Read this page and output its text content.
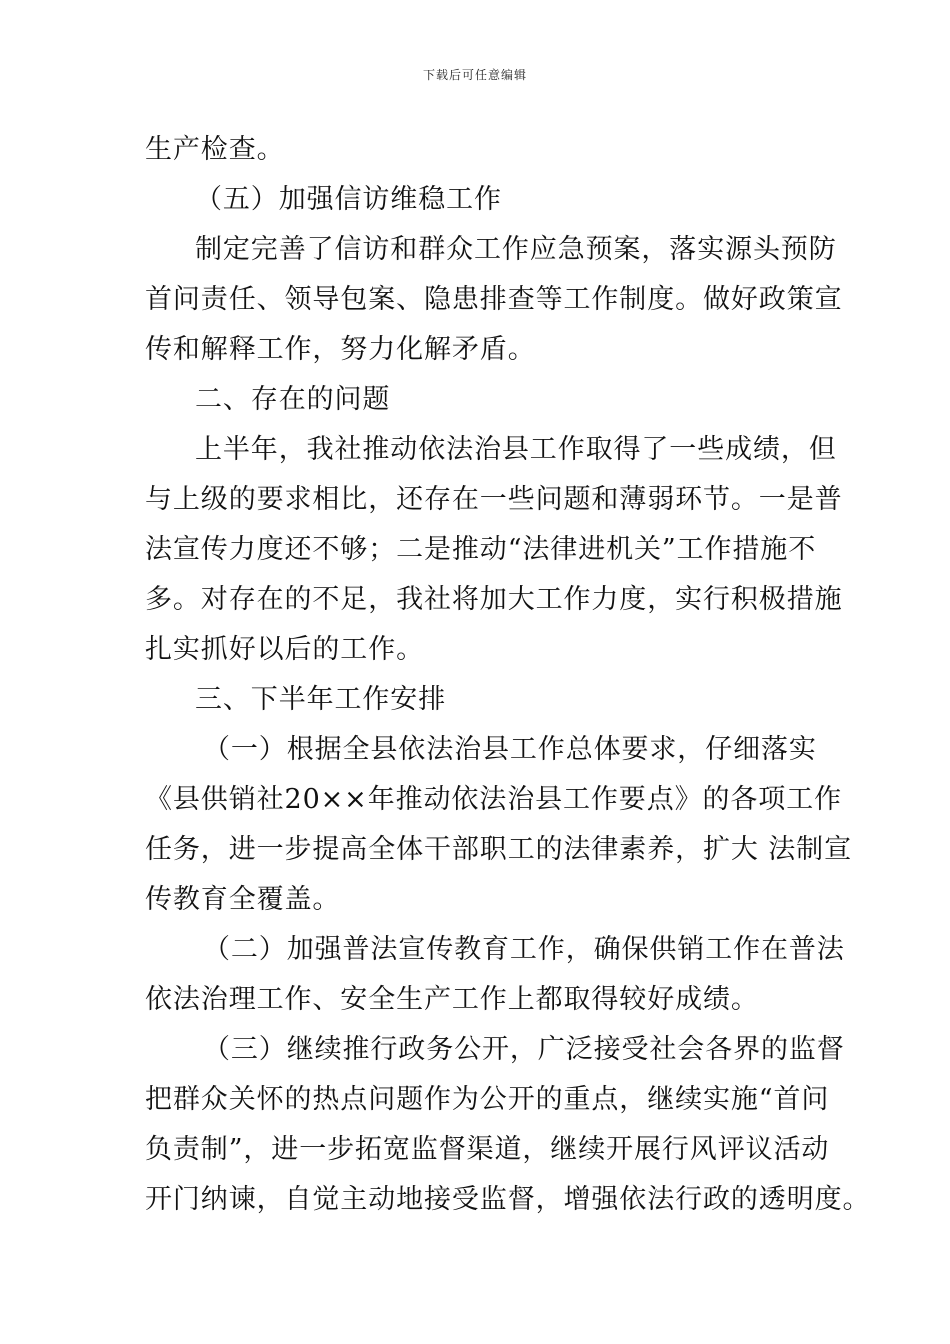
下载后可任意编辑
生产检查。
（五）加强信访维稳工作
制定完善了信访和群众工作应急预案，落实源头预防
首问责任、领导包案、隐患排查等工作制度。做好政策宣
传和解释工作，努力化解矛盾。
二、存在的问题
上半年，我社推动依法治县工作取得了一些成绩，但
与上级的要求相比，还存在一些问题和薄弱环节。一是普
法宣传力度还不够；二是推动“法律进机关”工作措施不
多。对存在的不足，我社将加大工作力度，实行积极措施
扎实抓好以后的工作。
三、下半年工作安排
（一）根据全县依法治县工作总体要求，仔细落实
《县供销社20××年推动依法治县工作要点》的各项工作
任务，进一步提高全体干部职工的法律素养，扩大 法制宣
传教育全覆盖。
（二）加强普法宣传教育工作，确保供销工作在普法
依法治理工作、安全生产工作上都取得较好成绩。
（三）继续推行政务公开，广泛接受社会各界的监督
把群众关怀的热点问题作为公开的重点，继续实施“首问
负责制”，进一步拓宽监督渠道，继续开展行风评议活动
开门纳谏，自觉主动地接受监督，增强依法行政的透明度。
